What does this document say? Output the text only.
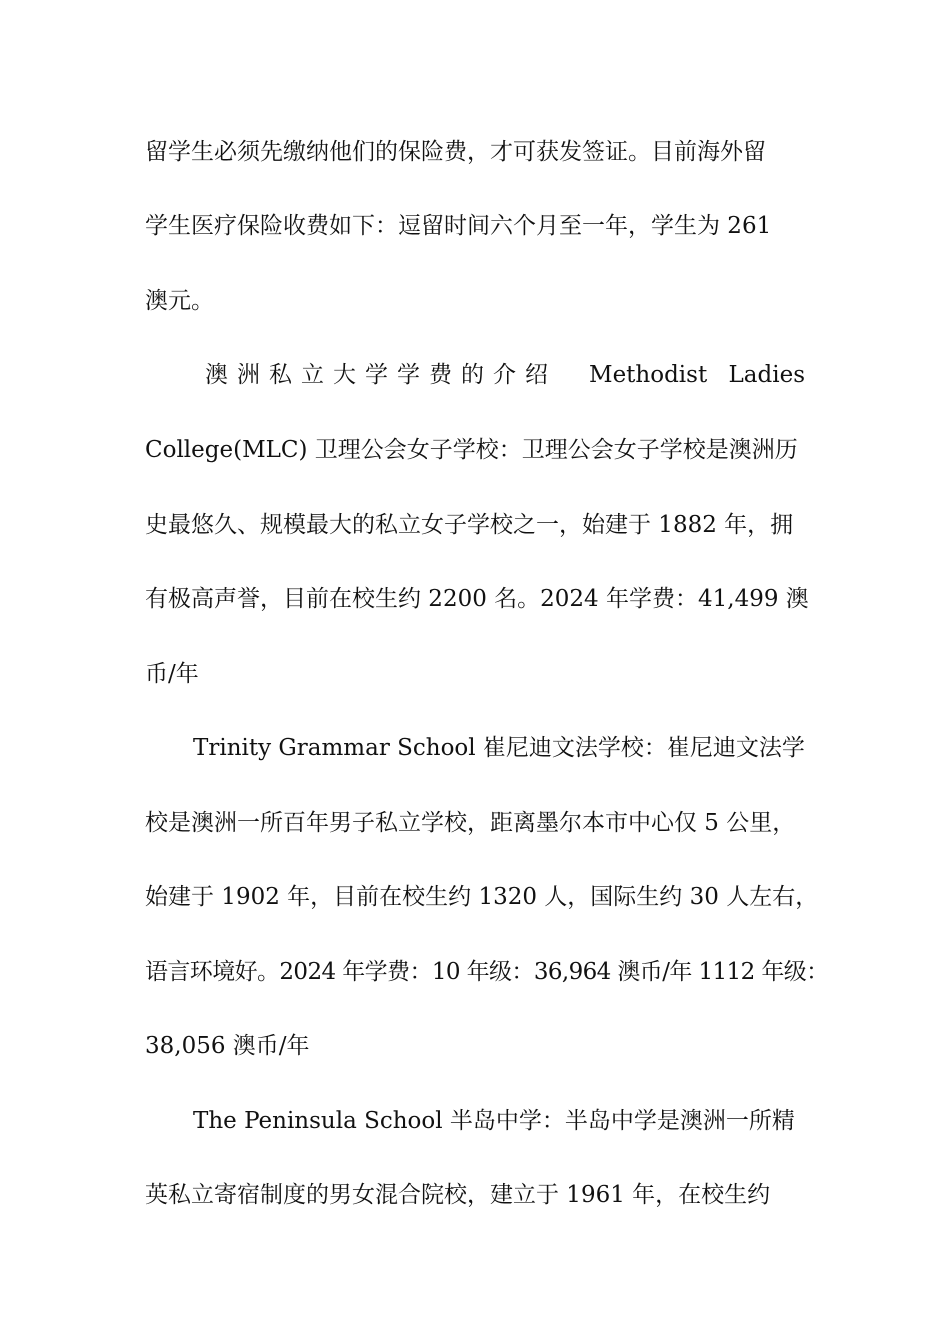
留学生必须先缴纳他们的保险费，才可获发签证。目前海外留
学生医疗保险收费如下：逗留时间六个月至一年，学生为 261
澳元。
澳洲私立大学学费的介绍 Methodist Ladies
College(MLC) 卫理公会女子学校：卫理公会女子学校是澳洲历
史最悠久、规模最大的私立女子学校之一，始建于 1882 年，拥
有极高声誉，目前在校生约 2200 名。2024 年学费：41,499 澳
币/年
Trinity Grammar School 崔尼迪文法学校：崔尼迪文法学
校是澳洲一所百年男子私立学校，距离墨尔本市中心仅 5 公里，
始建于 1902 年，目前在校生约 1320 人，国际生约 30 人左右，
语言环境好。2024 年学费：10 年级：36,964 澳币/年 1112 年级：
38,056 澳币/年
The Peninsula School 半岛中学：半岛中学是澳洲一所精
英私立寄宿制度的男女混合院校，建立于 1961 年，在校生约
